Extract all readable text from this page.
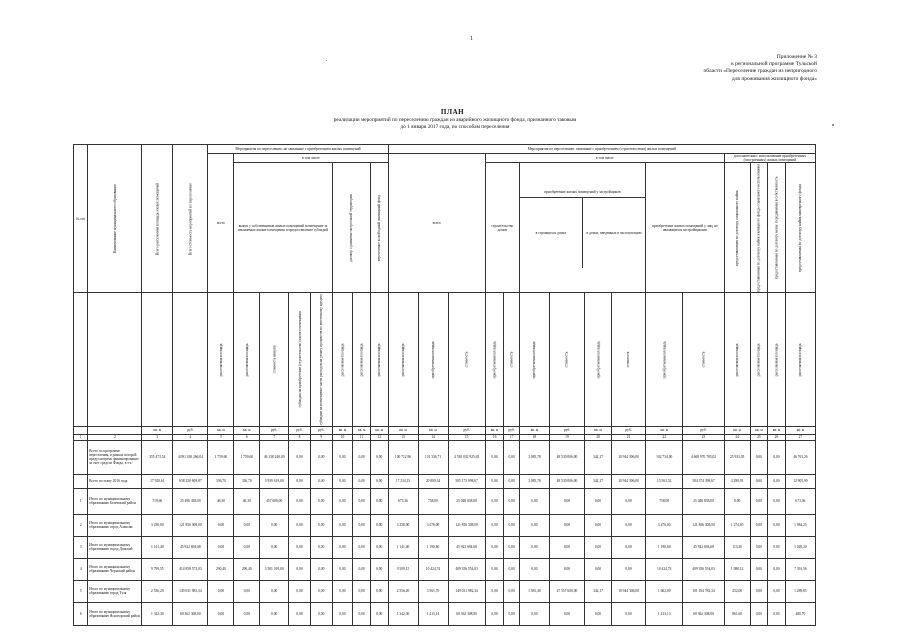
1
Приложение № 3
к региональной программе Тульской
области «Переселение граждан из непригодного
для проживания жилищного фонда»
ПЛАН
реализации мероприятий по переселению граждан из аварийного жилищного фонда, признанного таковым
до 1 января 2017 года, по способам переселения
№ п/п	Наименование муниципального образования	Всего расселяемая площадь жилых помещений	Всего стоимость мероприятий по переселению	Мероприятия по переселению, не связанные с приобретением жилых помещений								Мероприятия по переселению, связанные с приобретением (строительством) жилых помещений														
				всего	в том числе							всего			в том числе								дополнительно: использование приобретенных (построенных) жилых помещений			
					выкуп у собственников жилых помещений возмещение за изымаемые жилые помещения и предоставление субсидий				договор о развитии застроенной территории		переселение в свободный жилищный фонд				строительство домов		приобретение жилых помещений у застройщиков
в строящихся домах в домах, введенных в эксплуатацию				приобретение жилых помещений у лиц, не являющихся застройщиками		предоставляемая по договору социального найма	предоставляемая по договору найма жилищного фонда социального использования	предоставляемая по договору мены/ передаваемая в собственность	предоставляемая по договору найма маневренного фонда
				расселяемая площадь	расселяемая площадь	стоимость выкупа	субсидия на приобретение (строительство) жилого помещения	субсидии на возмещение части расходов на уплату процентов по ипотечному кредиту	расселяемая площадь	расселяемая площадь	расселяемая площадь	расселяемая площадь	приобретаемая площадь	стоимость	приобретаемая площадь	стоимость	приобретаемая площадь	стоимость	приобретаемая площадь	стоимость	приобретаемая площадь	стоимость	расселяемая площадь	расселяемая площадь	расселяемая площадь	расселяемая площадь
		кв. м	руб.	кв. м	кв. м	руб.	руб.	руб.	кв. м	кв. м	кв. м	кв. м	кв. м	руб.	кв. м	руб.	кв. м	руб.	кв. м	руб.	кв. м	руб.	кв. м	кв. м	кв. м	кв. м
1	2	3	4	5	6	7	8	9	10	11	12	13	14	15	16	17	18	19	20	21	22	23	24	25	26	27
	Всего по программе переселения, в рамках которой предусмотрено финансирование за счет средств Фонда, в т.ч.:	355 473,54	4 091 430 266,04	1 759,60	1 759,60	46 138 240,00	0,00	0,00	0,00	0,00	0,00	100 712,96	101 336,71	4 530 032 925,65	0,00	0,00	3 085,78	48 530 006,00	342,17	10 944 306,00	102 734,00	4 668 970 785,02	25 933,05	0,00	0,00	46 763,26
	Всего по этапу 2016 года	17 920,61	658 230 609,87	336,70	336,70	3 939 619,00	0,00	0,00	0,00	0,00	0,00	17 234,15	20 809,34	505 173 098,67	0,00	0,00	3 085,78	48 530 006,00	342,17	10 944 306,00	15 563,52	584 374 398,67	4 290,91	0,00	0,00	12 905,90
1	Итого по муниципальному образованию Белевский район	719,66	25 496 438,00	46,30	46,30	457 600,00	0,00	0,00	0,00	0,00	0,00	673,36	758,00	25 048 838,00	0,00	0,00	0,00	0,00	0,00	0,00	758,00	25 048 838,00	0,00	0,00	0,00	673,36
2	Итого по муниципальному образованию город Алексин	3 258,00	121 856 308,00	0,00	0,00	0,00	0,00	0,00	0,00	0,00	0,00	3 258,00	3 476,00	121 856 308,00	0,00	0,00	0,00	0,00	0,00	0,00	3 476,00	121 856 308,00	1 274,05	0,00	0,00	1 984,25
3	Итого по муниципальному образованию город Донской	1 141,40	45 922 694,68	0,00	0,00	0,00	0,00	0,00	0,00	0,00	0,00	1 141,40	1 190,60	45 922 694,68	0,00	0,00	0,00	0,00	0,00	0,00	1 190,60	45 922 694,68	113,20	0,00	0,00	1 028,20
4	Итого по муниципальному образованию Чернский район	9 799,55	414 858 573,03	290,40	290,40	3 501 019,00	0,00	0,00	0,00	0,00	0,00	9 509,15	10 424,74	409 356 554,03	0,00	0,00	0,00	0,00	0,00	0,00	10 424,74	409 356 554,03	1 088,12	0,00	0,00	7 391,56
5	Итого по муниципальному образованию город Тула	2 556,20	149 031 983,34	0,00	0,00	0,00	0,00	0,00	0,00	0,00	0,00	2 556,20	3 561,70	149 031 982,34	0,00	0,00	1 581,40	47 557 600,00	342,17	10 944 306,00	1 602,00	101 104 782,34	252,00	0,00	0,00	1 289,85
6	Итого по муниципальному образованию Ясногорский район	1 342,30	60 362 308,00	0,00	0,00	0,00	0,00	0,00	0,00	0,00	0,00	1 342,30	1 413,14	60 362 308,00	0,00	0,00	0,00	0,00	0,00	0,00	1 413,13	60 362 308,00	861,60	0,00	0,00	480,70
